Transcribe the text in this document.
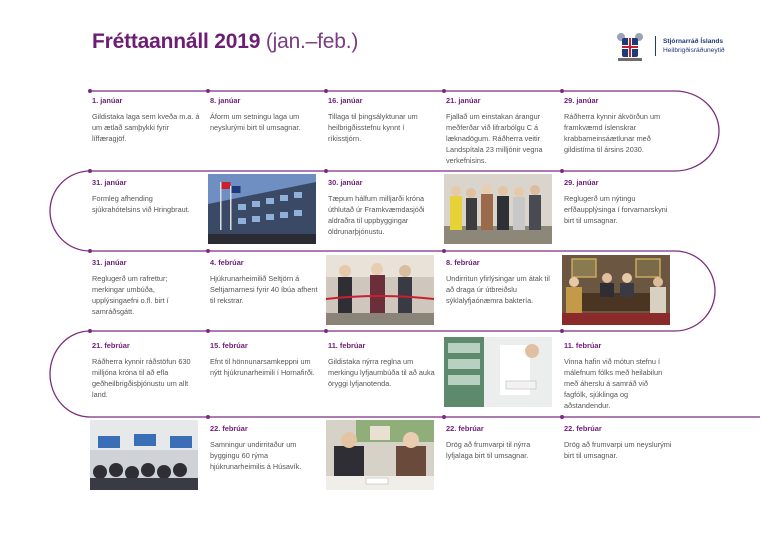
Fréttaannáll 2019 (jan.–feb.)	Stjórnarráð Íslands
Heilbrigðisráðuneytið
1. janúar
Gildistaka laga sem kveða m.a. á um ætlað samþykki fyrir líffæragjöf.
8. janúar
Áform um setningu laga um neyslurými birt til umsagnar.
16. janúar
Tillaga til þingsályktunar um heilbrigðisstefnu kynnt í ríkisstjórn.
21. janúar
Fjallað um einstakan árangur meðferðar við lifrarbólgu C á læknadögum. Ráðherra veitir Landspítala 23 milljónir vegna verkefnisins.
29. janúar
Ráðherra kynnir ákvörðun um framkvæmd íslenskrar krabbameinsáætlunar með gildistíma til ársins 2030.
31. janúar
Formleg afhending sjúkrahótelsins við Hringbraut.
30. janúar
Tæpum hálfum milljarði króna úthlutað úr Framkvæmdasjóði aldraðra til uppbyggingar öldrunarþjónustu.
29. janúar
Reglugerð um nýtingu erfðaupplýsinga í forvarnarskyni birt til umsagnar.
31. janúar
Reglugerð um rafrettur; merkingar umbúða, upplýsingaefni o.fl. birt í samráðsgátt.
4. febrúar
Hjúkrunarheimilið Seltjörn á Seltjarnarnesi fyrir 40 íbúa afhent til rekstrar.
8. febrúar
Undirritun yfirlýsingar um átak til að draga úr útbreiðslu sýklalyfjaónæmra baktería.
21. febrúar
Ráðherra kynnir ráðstöfun 630 milljóna króna til að efla geðheilbrigðisþjónustu um allt land.
15. febrúar
Efnt til hönnunarsamkeppni um nýtt hjúkrunarheimili í Hornafirði.
11. febrúar
Gildistaka nýrra reglna um merkingu lyfjaumbúða til að auka öryggi lyfjanotenda.
11. febrúar
Vinna hafin við mótun stefnu í málefnum fólks með heilabilun með áherslu á samráð við fagfólk, sjúklinga og aðstandendur.
22. febrúar
Samningur undirritaður um byggingu 60 rýma hjúkrunarheimilis á Húsavík.
22. febrúar
Drög að frumvarpi til nýrra lyfjalaga birt til umsagnar.
22. febrúar
Drög að frumvarpi um neyslurými birt til umsagnar.
